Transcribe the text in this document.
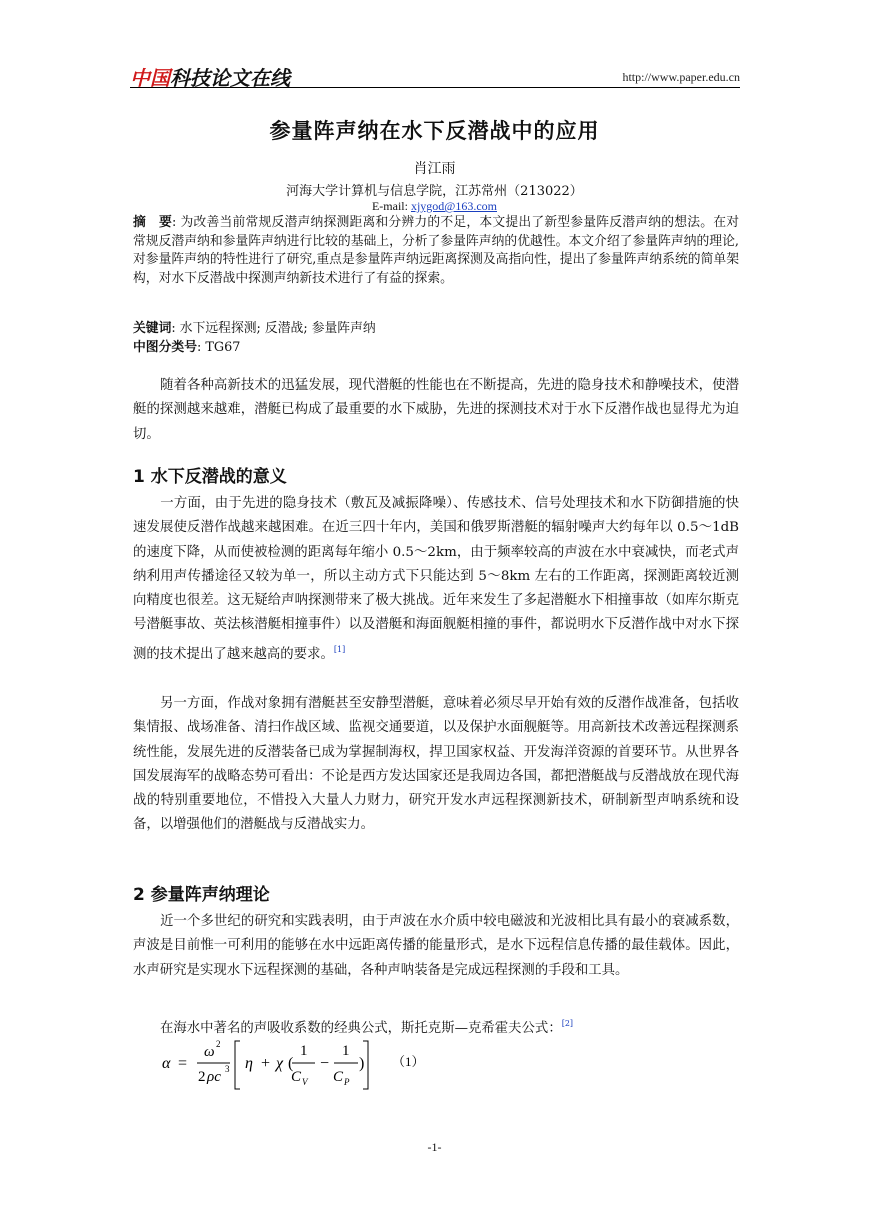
中国科技论文在线	http://www.paper.edu.cn
参量阵声纳在水下反潜战中的应用
肖江雨
河海大学计算机与信息学院，江苏常州（213022）
E-mail: xjygod@163.com
摘　要: 为改善当前常规反潜声纳探测距离和分辨力的不足，本文提出了新型参量阵反潜声纳的想法。在对常规反潜声纳和参量阵声纳进行比较的基础上，分析了参量阵声纳的优越性。本文介绍了参量阵声纳的理论,对参量阵声纳的特性进行了研究,重点是参量阵声纳远距离探测及高指向性，提出了参量阵声纳系统的简单架构，对水下反潜战中探测声纳新技术进行了有益的探索。
关键词: 水下远程探测; 反潜战; 参量阵声纳
中图分类号: TG67
随着各种高新技术的迅猛发展，现代潜艇的性能也在不断提高，先进的隐身技术和静噪技术，使潜艇的探测越来越难，潜艇已构成了最重要的水下威胁，先进的探测技术对于水下反潜作战也显得尤为迫切。
1 水下反潜战的意义
一方面，由于先进的隐身技术（敷瓦及减振降噪）、传感技术、信号处理技术和水下防御措施的快速发展使反潜作战越来越困难。在近三四十年内，美国和俄罗斯潜艇的辐射噪声大约每年以 0.5～1dB 的速度下降，从而使被检测的距离每年缩小 0.5～2km，由于频率较高的声波在水中衰减快，而老式声纳利用声传播途径又较为单一，所以主动方式下只能达到 5～8km 左右的工作距离，探测距离较近测向精度也很差。这无疑给声呐探测带来了极大挑战。近年来发生了多起潜艇水下相撞事故（如库尔斯克号潜艇事故、英法核潜艇相撞事件）以及潜艇和海面舰艇相撞的事件，都说明水下反潜作战中对水下探测的技术提出了越来越高的要求。[1]
另一方面，作战对象拥有潜艇甚至安静型潜艇，意味着必须尽早开始有效的反潜作战准备，包括收集情报、战场准备、清扫作战区域、监视交通要道，以及保护水面舰艇等。用高新技术改善远程探测系统性能，发展先进的反潜装备已成为掌握制海权，捍卫国家权益、开发海洋资源的首要环节。从世界各国发展海军的战略态势可看出：不论是西方发达国家还是我周边各国，都把潜艇战与反潜战放在现代海战的特别重要地位，不惜投入大量人力财力，研究开发水声远程探测新技术，研制新型声呐系统和设备，以增强他们的潜艇战与反潜战实力。
2 参量阵声纳理论
近一个多世纪的研究和实践表明，由于声波在水介质中较电磁波和光波相比具有最小的衰减系数，声波是目前惟一可利用的能够在水中远距离传播的能量形式，是水下远程信息传播的最佳载体。因此，水声研究是实现水下远程探测的基础，各种声呐装备是完成远程探测的手段和工具。
在海水中著名的声吸收系数的经典公式，斯托克斯—克希霍夫公式：[2]
α =
ω 2
2 ρc 3 η + χ (
1
C V
−
1
C P
) （1）
-1-
